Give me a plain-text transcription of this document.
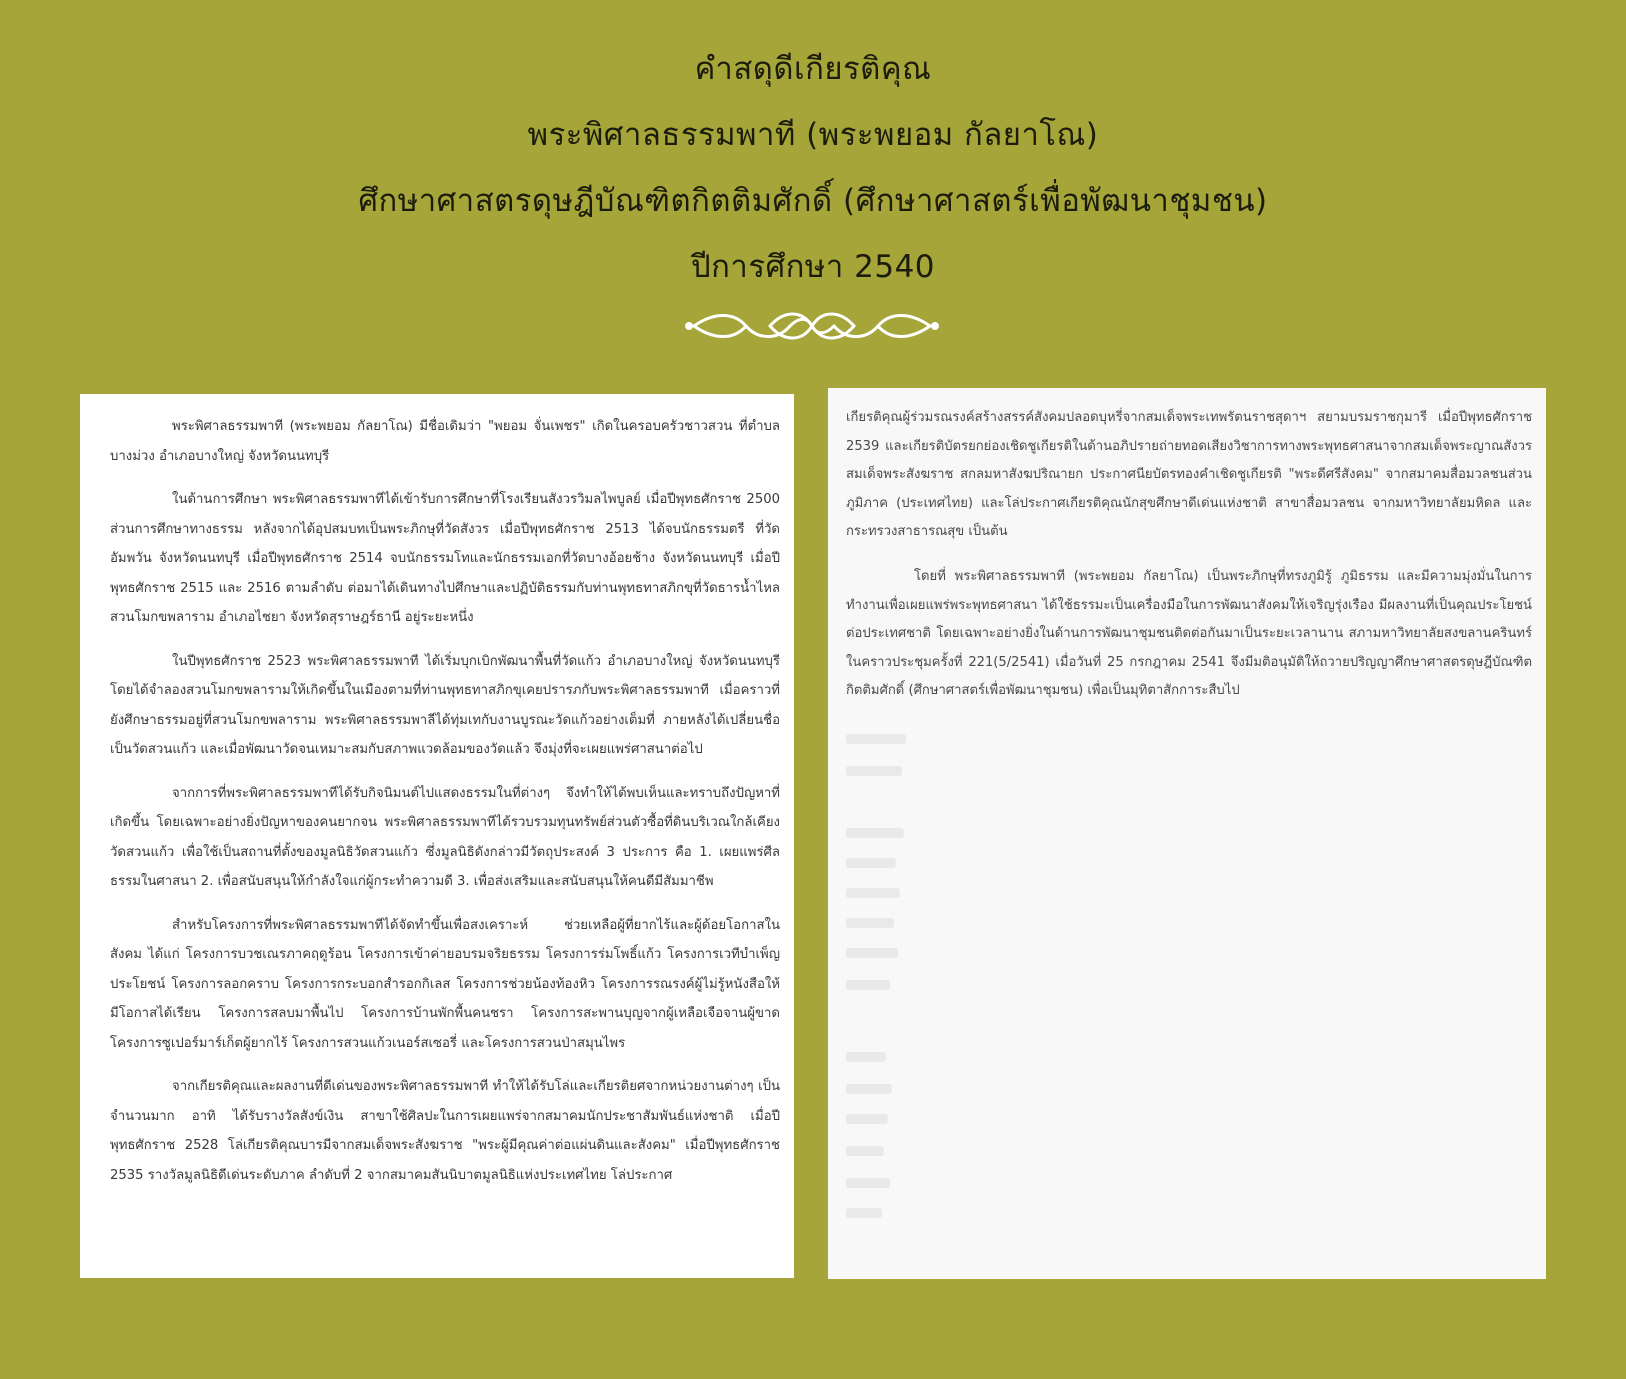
คำสดุดีเกียรติคุณ
พระพิศาลธรรมพาที (พระพยอม กัลยาโณ)
ศึกษาศาสตรดุษฎีบัณฑิตกิตติมศักดิ์ (ศึกษาศาสตร์เพื่อพัฒนาชุมชน)
ปีการศึกษา 2540

พระพิศาลธรรมพาที (พระพยอม กัลยาโณ) มีชื่อเดิมว่า "พยอม จั่นเพชร" เกิดในครอบครัวชาวสวน ที่ตำบลบางม่วง อำเภอบางใหญ่ จังหวัดนนทบุรี

ในด้านการศึกษา พระพิศาลธรรมพาทีได้เข้ารับการศึกษาที่โรงเรียนสังวรวิมลไพบูลย์ เมื่อปีพุทธศักราช 2500 ส่วนการศึกษาทางธรรม หลังจากได้อุปสมบทเป็นพระภิกษุที่วัดสังวร เมื่อปีพุทธศักราช 2513 ได้จบนักธรรมตรี ที่วัดอัมพวัน จังหวัดนนทบุรี เมื่อปีพุทธศักราช 2514 จบนักธรรมโทและนักธรรมเอกที่วัดบางอ้อยช้าง จังหวัดนนทบุรี เมื่อปีพุทธศักราช 2515 และ 2516 ตามลำดับ ต่อมาได้เดินทางไปศึกษาและปฏิบัติธรรมกับท่านพุทธทาสภิกขุที่วัดธารน้ำไหล สวนโมกขพลาราม อำเภอไชยา จังหวัดสุราษฎร์ธานี อยู่ระยะหนึ่ง

ในปีพุทธศักราช 2523 พระพิศาลธรรมพาที ได้เริ่มบุกเบิกพัฒนาพื้นที่วัดแก้ว อำเภอบางใหญ่ จังหวัดนนทบุรี โดยได้จำลองสวนโมกขพลารามให้เกิดขึ้นในเมืองตามที่ท่านพุทธทาสภิกขุเคยปรารภกับพระพิศาลธรรมพาที เมื่อคราวที่ยังศึกษาธรรมอยู่ที่สวนโมกขพลาราม พระพิศาลธรรมพาลีได้ทุ่มเทกับงานบูรณะวัดแก้วอย่างเต็มที่ ภายหลังได้เปลี่ยนชื่อเป็นวัดสวนแก้ว และเมื่อพัฒนาวัดจนเหมาะสมกับสภาพแวดล้อมของวัดแล้ว จึงมุ่งที่จะเผยแพร่ศาสนาต่อไป

จากการที่พระพิศาลธรรมพาทีได้รับกิจนิมนต์ไปแสดงธรรมในที่ต่างๆ จึงทำให้ได้พบเห็นและทราบถึงปัญหาที่เกิดขึ้น โดยเฉพาะอย่างยิ่งปัญหาของคนยากจน พระพิศาลธรรมพาทีได้รวบรวมทุนทรัพย์ส่วนตัวซื้อที่ดินบริเวณใกล้เคียงวัดสวนแก้ว เพื่อใช้เป็นสถานที่ตั้งของมูลนิธิวัดสวนแก้ว ซึ่งมูลนิธิดังกล่าวมีวัตถุประสงค์ 3 ประการ คือ 1. เผยแพร่ศีลธรรมในศาสนา 2. เพื่อสนับสนุนให้กำลังใจแก่ผู้กระทำความดี 3. เพื่อส่งเสริมและสนับสนุนให้คนดีมีสัมมาชีพ

สำหรับโครงการที่พระพิศาลธรรมพาทีได้จัดทำขึ้นเพื่อสงเคราะห์ ช่วยเหลือผู้ที่ยากไร้และผู้ด้อยโอกาสในสังคม ได้แก่ โครงการบวชเณรภาคฤดูร้อน โครงการเข้าค่ายอบรมจริยธรรม โครงการร่มโพธิ์แก้ว โครงการเวทีบำเพ็ญประโยชน์ โครงการลอกคราบ โครงการกระบอกสำรอกกิเลส โครงการช่วยน้องท้องหิว โครงการรณรงค์ผู้ไม่รู้หนังสือให้มีโอกาสได้เรียน โครงการสลบมาพื้นไป โครงการบ้านพักพื้นคนชรา โครงการสะพานบุญจากผู้เหลือเจือจานผู้ขาด โครงการซูเปอร์มาร์เก็ตผู้ยากไร้ โครงการสวนแก้วเนอร์สเซอรี่ และโครงการสวนป่าสมุนไพร

จากเกียรติคุณและผลงานที่ดีเด่นของพระพิศาลธรรมพาที ทำให้ได้รับโล่และเกียรติยศจากหน่วยงานต่างๆ เป็นจำนวนมาก อาทิ ได้รับรางวัลสังข์เงิน สาขาใช้ศิลปะในการเผยแพร่จากสมาคมนักประชาสัมพันธ์แห่งชาติ เมื่อปีพุทธศักราช 2528 โล่เกียรติคุณบารมีจากสมเด็จพระสังฆราช "พระผู้มีคุณค่าต่อแผ่นดินและสังคม" เมื่อปีพุทธศักราช 2535 รางวัลมูลนิธิดีเด่นระดับภาค ลำดับที่ 2 จากสมาคมสันนิบาตมูลนิธิแห่งประเทศไทย โล่ประกาศ

เกียรติคุณผู้ร่วมรณรงค์สร้างสรรค์สังคมปลอดบุหรี่จากสมเด็จพระเทพรัตนราชสุดาฯ สยามบรมราชกุมารี เมื่อปีพุทธศักราช 2539 และเกียรติบัตรยกย่องเชิดชูเกียรติในด้านอภิปรายถ่ายทอดเสียงวิชาการทางพระพุทธศาสนาจากสมเด็จพระญาณสังวร สมเด็จพระสังฆราช สกลมหาสังฆปริณายก ประกาศนียบัตรทองคำเชิดชูเกียรติ "พระดีศรีสังคม" จากสมาคมสื่อมวลชนส่วนภูมิภาค (ประเทศไทย) และโล่ประกาศเกียรติคุณนักสุขศึกษาดีเด่นแห่งชาติ สาขาสื่อมวลชน จากมหาวิทยาลัยมหิดล และกระทรวงสาธารณสุข เป็นต้น

โดยที่ พระพิศาลธรรมพาที (พระพยอม กัลยาโณ) เป็นพระภิกษุที่ทรงภูมิรู้ ภูมิธรรม และมีความมุ่งมั่นในการทำงานเพื่อเผยแพร่พระพุทธศาสนา ได้ใช้ธรรมะเป็นเครื่องมือในการพัฒนาสังคมให้เจริญรุ่งเรือง มีผลงานที่เป็นคุณประโยชน์ต่อประเทศชาติ โดยเฉพาะอย่างยิ่งในด้านการพัฒนาชุมชนติดต่อกันมาเป็นระยะเวลานาน สภามหาวิทยาลัยสงขลานครินทร์ ในคราวประชุมครั้งที่ 221(5/2541) เมื่อวันที่ 25 กรกฎาคม 2541 จึงมีมติอนุมัติให้ถวายปริญญาศึกษาศาสตรดุษฎีบัณฑิตกิตติมศักดิ์ (ศึกษาศาสตร์เพื่อพัฒนาชุมชน) เพื่อเป็นมุทิตาสักการะสืบไป
